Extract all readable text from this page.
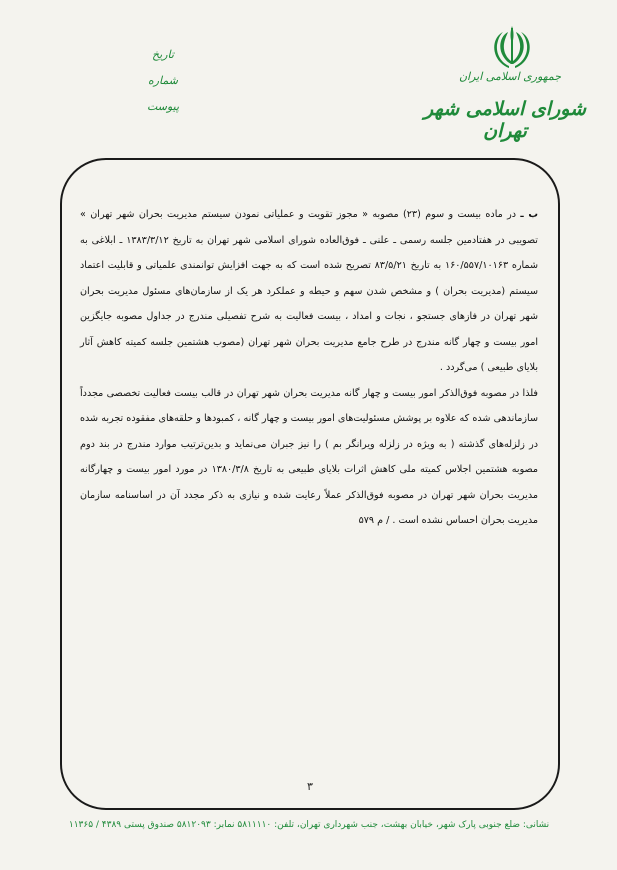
جمهوری اسلامی ایران
شورای اسلامی شهر تهران
تاریخ
شماره
پیوست

ب ـ در ماده بیست و سوم (۲۳) مصوبه « مجوز تقویت و عملیاتی نمودن سیستم مدیریت بحران شهر تهران » تصویبی در هفتادمین جلسه رسمی ـ علنی ـ فوق‌العاده شورای اسلامی شهر تهران به تاریخ ۱۳۸۳/۳/۱۲ ـ ابلاغی به شماره ۱۶۰/۵۵۷/۱۰۱۶۳ به تاریخ ۸۳/۵/۲۱ تصریح شده است که به جهت افزایش توانمندی علمیاتی و قابلیت اعتماد سیستم (مدیریت بحران ) و مشخص شدن سهم و حیطه و عملکرد هر یک از سازمان‌های مسئول مدیریت بحران شهر تهران در فازهای جستجو ، نجات و امداد ، بیست فعالیت به شرح تفصیلی مندرج در جداول مصوبه جایگزین امور بیست و چهار گانه مندرج در طرح جامع مدیریت بحران شهر تهران (مصوب هشتمین جلسه کمیته کاهش آثار بلایای طبیعی ) می‌گردد .

فلذا در مصوبه فوق‌الذکر امور بیست و چهار گانه مدیریت بحران شهر تهران در قالب بیست فعالیت تخصصی مجدداً سازماندهی شده که علاوه بر پوشش مسئولیت‌های امور بیست و چهار گانه ، کمبودها و حلقه‌های مفقوده تجربه شده در زلزله‌های گذشته ( به ویژه در زلزله ویرانگر بم ) را نیز جبران می‌نماید و بدین‌ترتیب موارد مندرج در بند دوم مصوبه هشتمین اجلاس کمیته ملی کاهش اثرات بلایای طبیعی به تاریخ ۱۳۸۰/۳/۸ در مورد امور بیست و چهارگانه مدیریت بحران شهر تهران در مصوبه فوق‌الذکر عملاً رعایت شده و نیازی به ذکر مجدد آن در اساسنامه سازمان مدیریت بحران احساس نشده است . / م ۵۷۹

۳
نشانی: ضلع جنوبی پارک شهر، خیابان بهشت، جنب شهرداری تهران، تلفن: ۵۸۱۱۱۱۰ نمابر: ۵۸۱۲۰۹۳ صندوق پستی ۴۳۸۹ / ۱۱۳۶۵
